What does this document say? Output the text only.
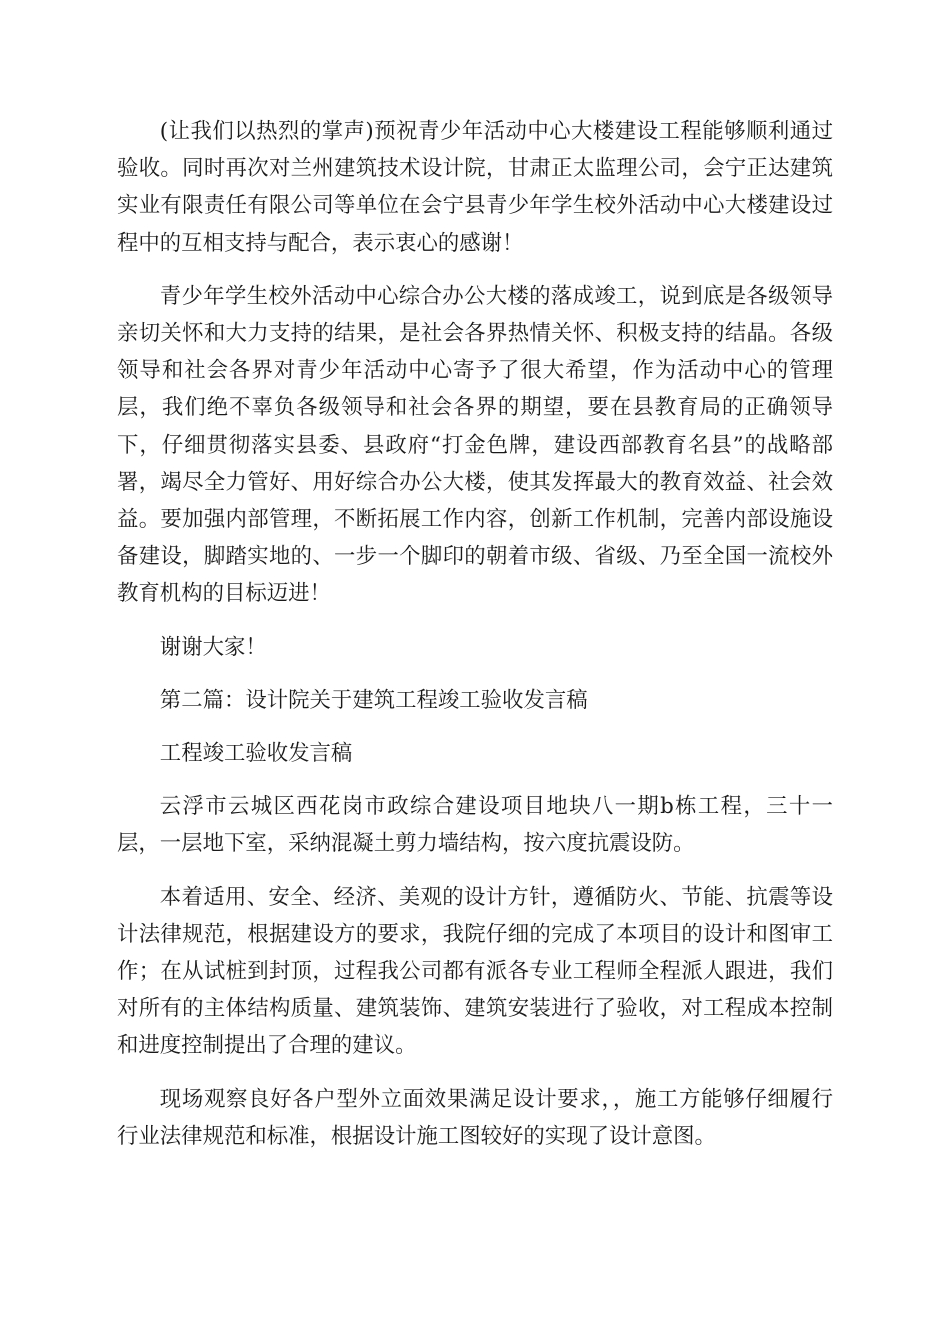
(让我们以热烈的掌声)预祝青少年活动中心大楼建设工程能够顺利通过验收。同时再次对兰州建筑技术设计院，甘肃正太监理公司，会宁正达建筑实业有限责任有限公司等单位在会宁县青少年学生校外活动中心大楼建设过程中的互相支持与配合，表示衷心的感谢！

青少年学生校外活动中心综合办公大楼的落成竣工，说到底是各级领导亲切关怀和大力支持的结果，是社会各界热情关怀、积极支持的结晶。各级领导和社会各界对青少年活动中心寄予了很大希望，作为活动中心的管理层，我们绝不辜负各级领导和社会各界的期望，要在县教育局的正确领导下，仔细贯彻落实县委、县政府“打金色牌，建设西部教育名县”的战略部署，竭尽全力管好、用好综合办公大楼，使其发挥最大的教育效益、社会效益。要加强内部管理，不断拓展工作内容，创新工作机制，完善内部设施设备建设，脚踏实地的、一步一个脚印的朝着市级、省级、乃至全国一流校外教育机构的目标迈进！

谢谢大家！

第二篇：设计院关于建筑工程竣工验收发言稿

工程竣工验收发言稿

云浮市云城区西花岗市政综合建设项目地块八一期b栋工程，三十一层，一层地下室，采纳混凝土剪力墙结构，按六度抗震设防。

本着适用、安全、经济、美观的设计方针，遵循防火、节能、抗震等设计法律规范，根据建设方的要求，我院仔细的完成了本项目的设计和图审工作；在从试桩到封顶，过程我公司都有派各专业工程师全程派人跟进，我们对所有的主体结构质量、建筑装饰、建筑安装进行了验收，对工程成本控制和进度控制提出了合理的建议。

现场观察良好各户型外立面效果满足设计要求，，施工方能够仔细履行行业法律规范和标准，根据设计施工图较好的实现了设计意图。
